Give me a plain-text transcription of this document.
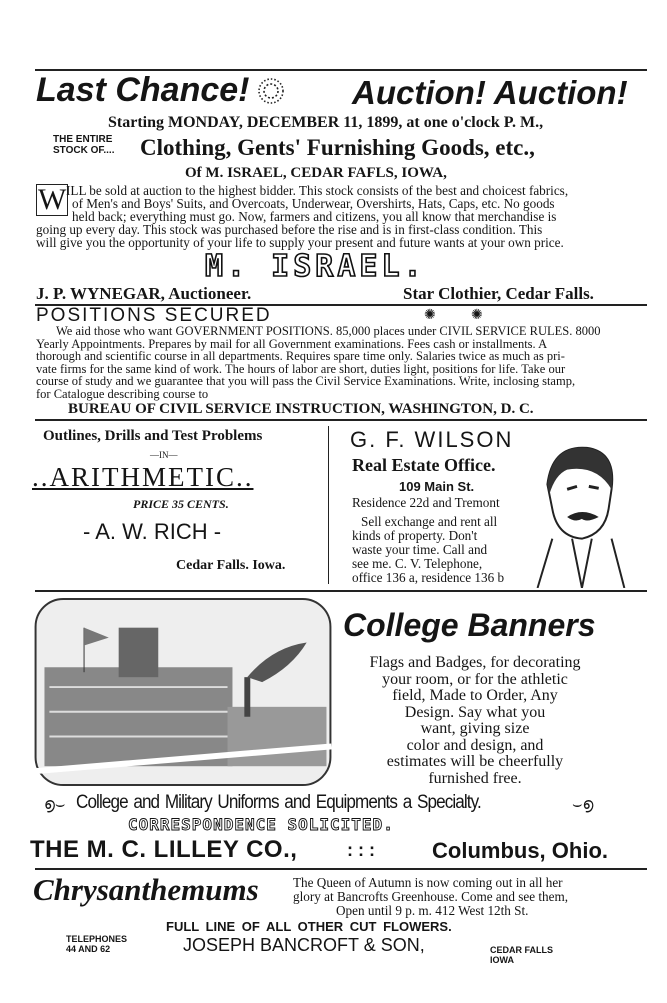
Last Chance!	Auction! Auction!
Starting MONDAY, DECEMBER 11, 1899, at one o'clock P. M.,
THE ENTIRE
STOCK OF.... Clothing, Gents' Furnishing Goods, etc.,
Of M. ISRAEL, CEDAR FAFLS, IOWA,
W ILL be sold at auction to the highest bidder. This stock consists of the best and choicest fabrics,
of Men's and Boys' Suits, and Overcoats, Underwear, Overshirts, Hats, Caps, etc. No goods
held back; everything must go. Now, farmers and citizens, you all know that merchandise is
going up every day. This stock was purchased before the rise and is in first-class condition. This
will give you the opportunity of your life to supply your present and future wants at your own price.
M. ISRAEL.
J. P. WYNEGAR, Auctioneer.	Star Clothier, Cedar Falls.
POSITIONS SECURED	✺	✺
We aid those who want GOVERNMENT POSITIONS. 85,000 places under CIVIL SERVICE RULES. 8000
Yearly Appointments. Prepares by mail for all Government examinations. Fees cash or installments. A
thorough and scientific course in all departments. Requires spare time only. Salaries twice as much as pri-
vate firms for the same kind of work. The hours of labor are short, duties light, positions for life. Take our
course of study and we guarantee that you will pass the Civil Service Examinations. Write, inclosing stamp,
for Catalogue describing course to
BUREAU OF CIVIL SERVICE INSTRUCTION, WASHINGTON, D. C.
Outlines, Drills and Test Problems
—IN—
..ARITHMETIC..
PRICE 35 CENTS.
- A. W. RICH -
Cedar Falls. Iowa.
G. F. WILSON
Real Estate Office.
109 Main St.
Residence 22d and Tremont
Sell exchange and rent all
kinds of property. Don't
waste your time. Call and
see me. C. V. Telephone,
office 136 a, residence 136 b
College Banners
Flags and Badges, for decorating
your room, or for the athletic
field, Made to Order, Any
Design. Say what you
want, giving size
color and design, and
estimates will be cheerfully
furnished free.
൭⌣ College and Military Uniforms and Equipments a Specialty.	⌣൭
CORRESPONDENCE SOLICITED.
THE M. C. LILLEY CO.,	: : :	Columbus, Ohio.
Chrysanthemums	The Queen of Autumn is now coming out in all her
glory at Bancrofts Greenhouse. Come and see them,
Open until 9 p. m. 412 West 12th St.
FULL LINE OF ALL OTHER CUT FLOWERS.
TELEPHONES
44 AND 62	JOSEPH BANCROFT & SON,	CEDAR FALLS
IOWA
